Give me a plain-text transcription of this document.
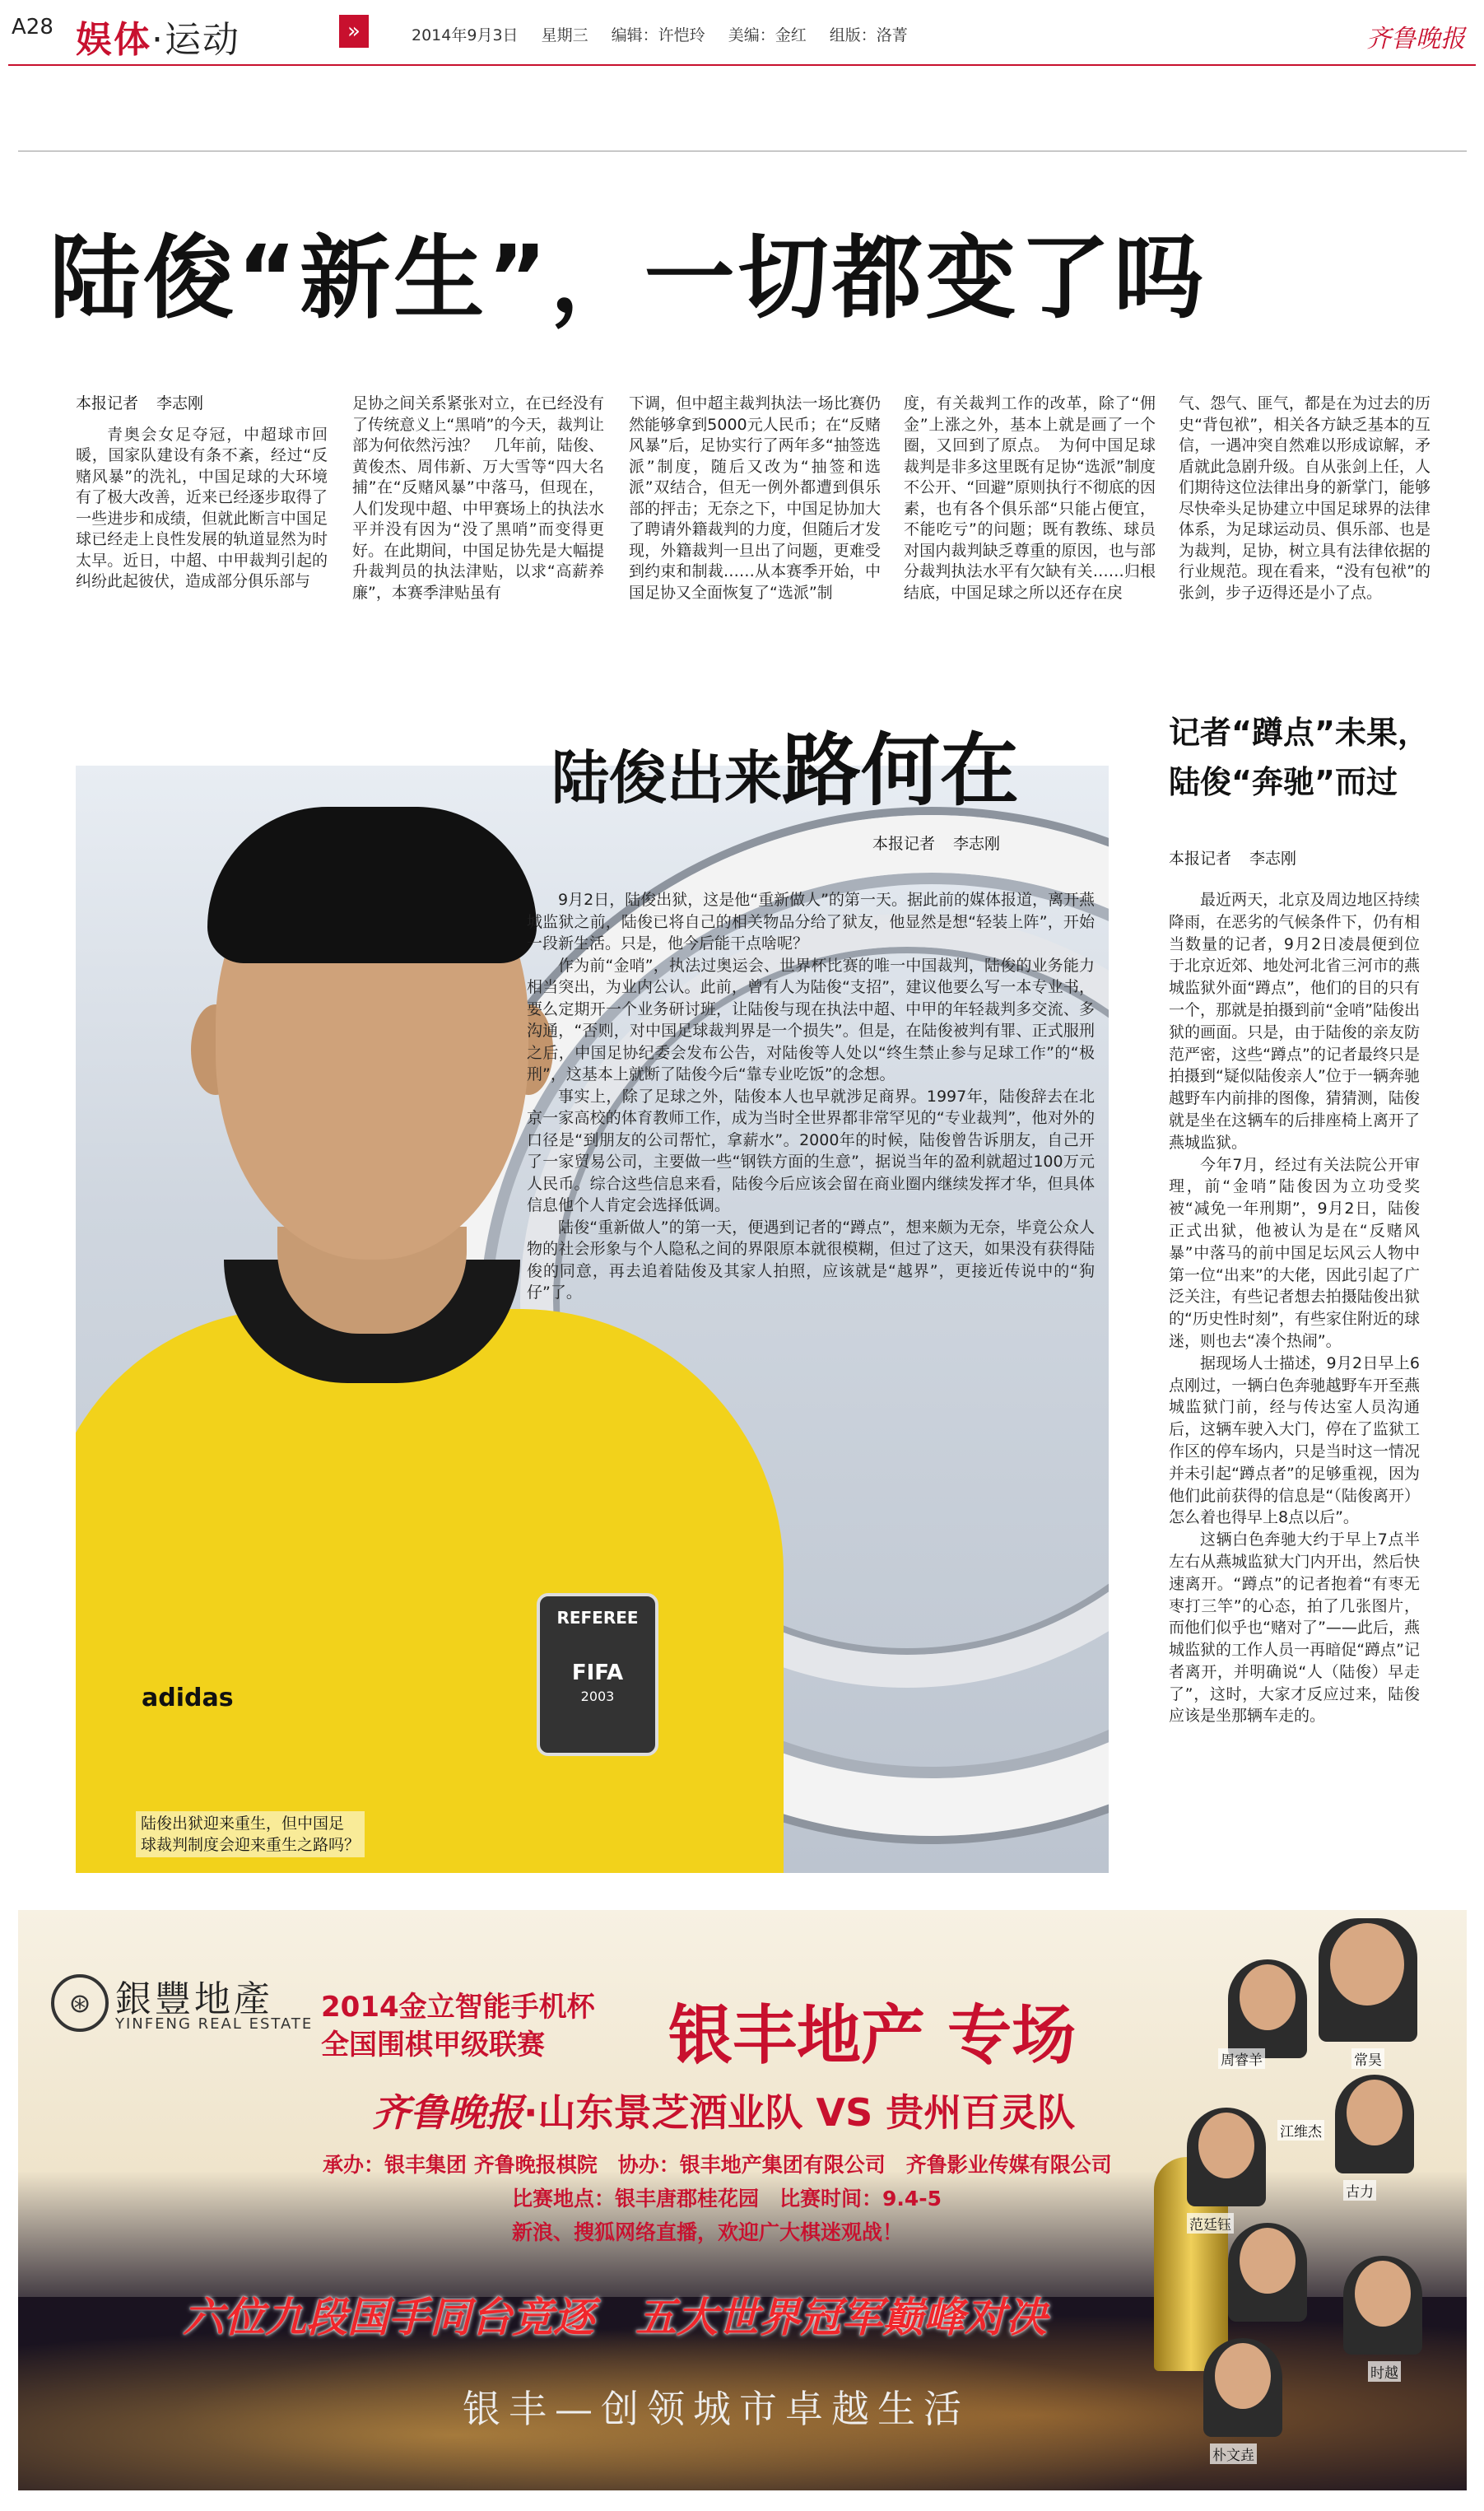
A28 娱体·运动	»	2014年9月3日 星期三 编辑：许恺玲 美编：金红 组版：洛菁	齐鲁晚报
陆俊“新生”，一切都变了吗
本报记者 李志刚

青奥会女足夺冠，中超球市回暖，国家队建设有条不紊，经过“反赌风暴”的洗礼，中国足球的大环境有了极大改善，近来已经逐步取得了一些进步和成绩，但就此断言中国足球已经走上良性发展的轨道显然为时太早。近日，中超、中甲裁判引起的纠纷此起彼伏，造成部分俱乐部与

足协之间关系紧张对立，在已经没有了传统意义上“黑哨”的今天，裁判让部为何依然污浊？　几年前，陆俊、黄俊杰、周伟新、万大雪等“四大名捕”在“反赌风暴”中落马，但现在，人们发现中超、中甲赛场上的执法水平并没有因为“没了黑哨”而变得更好。在此期间，中国足协先是大幅提升裁判员的执法津贴，以求“高薪养廉”，本赛季津贴虽有

下调，但中超主裁判执法一场比赛仍然能够拿到5000元人民币；在“反赌风暴”后，足协实行了两年多“抽签选派”制度，随后又改为“抽签和选派”双结合，但无一例外都遭到俱乐部的抨击；无奈之下，中国足协加大了聘请外籍裁判的力度，但随后才发现，外籍裁判一旦出了问题，更难受到约束和制裁……从本赛季开始，中国足协又全面恢复了“选派”制

度，有关裁判工作的改革，除了“佣金”上涨之外，基本上就是画了一个圈，又回到了原点。　为何中国足球裁判是非多这里既有足协“选派”制度不公开、“回避”原则执行不彻底的因素，也有各个俱乐部“只能占便宜，不能吃亏”的问题；既有教练、球员对国内裁判缺乏尊重的原因，也与部分裁判执法水平有欠缺有关……归根结底，中国足球之所以还存在戾

气、怨气、匪气，都是在为过去的历史“背包袱”，相关各方缺乏基本的互信，一遇冲突自然难以形成谅解，矛盾就此急剧升级。自从张剑上任，人们期待这位法律出身的新掌门，能够尽快牵头足协建立中国足球界的法律体系，为足球运动员、俱乐部、也是为裁判，足协，树立具有法律依据的行业规范。现在看来，“没有包袱”的张剑，步子迈得还是小了点。

REFEREE
FIFA
2003
adidas
陆俊出来路何在
本报记者 李志刚

9月2日，陆俊出狱，这是他“重新做人”的第一天。据此前的媒体报道，离开燕城监狱之前，陆俊已将自己的相关物品分给了狱友，他显然是想“轻装上阵”，开始一段新生活。只是，他今后能干点啥呢？

作为前“金哨”，执法过奥运会、世界杯比赛的唯一中国裁判，陆俊的业务能力相当突出，为业内公认。此前，曾有人为陆俊“支招”，建议他要么写一本专业书，要么定期开一个业务研讨班，让陆俊与现在执法中超、中甲的年轻裁判多交流、多沟通，“否则，对中国足球裁判界是一个损失”。但是，在陆俊被判有罪、正式服刑之后，中国足协纪委会发布公告，对陆俊等人处以“终生禁止参与足球工作”的“极刑”，这基本上就断了陆俊今后“靠专业吃饭”的念想。

事实上，除了足球之外，陆俊本人也早就涉足商界。1997年，陆俊辞去在北京一家高校的体育教师工作，成为当时全世界都非常罕见的“专业裁判”，他对外的口径是“到朋友的公司帮忙，拿薪水”。2000年的时候，陆俊曾告诉朋友，自己开了一家贸易公司，主要做一些“钢铁方面的生意”，据说当年的盈利就超过100万元人民币。综合这些信息来看，陆俊今后应该会留在商业圈内继续发挥才华，但具体信息他个人肯定会选择低调。

陆俊“重新做人”的第一天，便遇到记者的“蹲点”，想来颇为无奈，毕竟公众人物的社会形象与个人隐私之间的界限原本就很模糊，但过了这天，如果没有获得陆俊的同意，再去追着陆俊及其家人拍照，应该就是“越界”，更接近传说中的“狗仔”了。

陆俊出狱迎来重生，但中国足
球裁判制度会迎来重生之路吗？
记者“蹲点”未果，
陆俊“奔驰”而过
本报记者 李志刚

最近两天，北京及周边地区持续降雨，在恶劣的气候条件下，仍有相当数量的记者，9月2日凌晨便到位于北京近郊、地处河北省三河市的燕城监狱外面“蹲点”，他们的目的只有一个，那就是拍摄到前“金哨”陆俊出狱的画面。只是，由于陆俊的亲友防范严密，这些“蹲点”的记者最终只是拍摄到“疑似陆俊亲人”位于一辆奔驰越野车内前排的图像，猜猜测，陆俊就是坐在这辆车的后排座椅上离开了燕城监狱。

今年7月，经过有关法院公开审理，前“金哨”陆俊因为立功受奖被“减免一年刑期”，9月2日，陆俊正式出狱，他被认为是在“反赌风暴”中落马的前中国足坛风云人物中第一位“出来”的大佬，因此引起了广泛关注，有些记者想去拍摄陆俊出狱的“历史性时刻”，有些家住附近的球迷，则也去“凑个热闹”。

据现场人士描述，9月2日早上6点刚过，一辆白色奔驰越野车开至燕城监狱门前，经与传达室人员沟通后，这辆车驶入大门，停在了监狱工作区的停车场内，只是当时这一情况并未引起“蹲点者”的足够重视，因为他们此前获得的信息是“（陆俊离开）怎么着也得早上8点以后”。

这辆白色奔驰大约于早上7点半左右从燕城监狱大门内开出，然后快速离开。“蹲点”的记者抱着“有枣无枣打三竿”的心态，拍了几张图片，而他们似乎也“赌对了”——此后，燕城监狱的工作人员一再暗促“蹲点”记者离开，并明确说“人（陆俊）早走了”，这时，大家才反应过来，陆俊应该是坐那辆车走的。

⊛ 銀豐地產
YINFENG REAL ESTATE
2014金立智能手机杯
全国围棋甲级联赛 银丰地产 专场
齐鲁晚报·山东景芝酒业队 VS 贵州百灵队
承办：银丰集团 齐鲁晚报棋院　协办：银丰地产集团有限公司　齐鲁影业传媒有限公司
比赛地点：银丰唐郡桂花园　比赛时间：9.4-5
新浪、搜狐网络直播，欢迎广大棋迷观战！
周睿羊	常昊
古力
江维杰
范廷钰
时越
朴文垚
六位九段国手同台竞逐　五大世界冠军巅峰对决
银丰—创领城市卓越生活
